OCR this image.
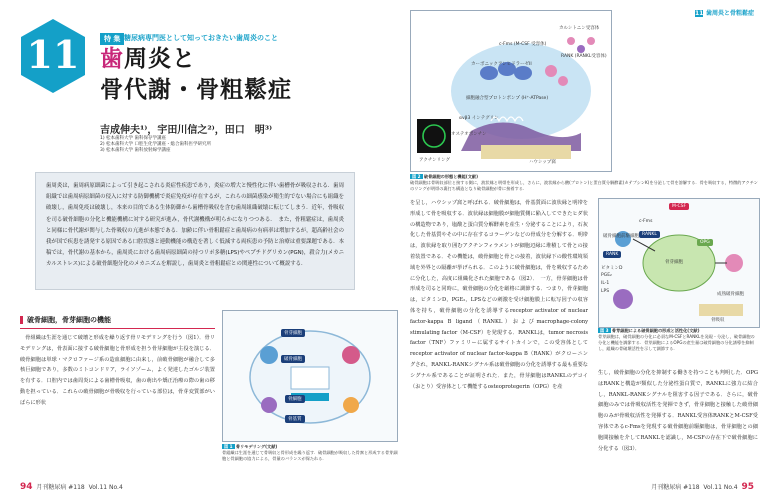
11 歯周炎と骨粗鬆症
11	特 集 糖尿病専門医として知っておきたい歯周炎のこと
歯周炎と
骨代謝・骨粗鬆症
吉成伸夫¹⁾，宇田川信之²⁾，田口　明³⁾
1) 松本歯科大学 歯科保存学講座
2) 松本歯科大学 口腔生化学講座・総合歯科医学研究所
3) 松本歯科大学 歯科放射線学講座
c-Fms (M-CSF 受容体)
カーボニックアンヒドラーゼII
細胞融合型プロトンポンプ (H⁺-ATPase)
αvβ3 インテグリン
オステオポンチン
アクチンリング
カルシトニン受容体
RANK (RANKL受容体)
ハウシップ窩
図 2 破骨細胞の形態と機能(文献)
破骨細胞は骨吸収部位と接する側に，波状縁と明帯を形成し，さらに，波状縁から酸(プロトン)と蛋白質分解酵素(カテプシンK)を分泌して骨を溶解する．骨を吸収する，特徴的アクチンのリングが明帯の裏打ち構造となり破骨細胞が骨に接着する．
歯周炎は，歯周病原細菌によって引き起こされる炎症性疾患であり，炎症の増大と慢性化に伴い歯槽骨が吸収される．歯周組織では歯周病原細菌の侵入に対する防御機構で炎症免疫が存在するが，これらの細菌感染が衛生的でない場合にも組織を破壊し，歯周免疫は破壊し，本来の目的である生体防御から歯槽骨吸収を含む歯周組織破壊に転じてしまう．近年，骨吸収を司る破骨細胞の分化と機能機構に対する研究が進み，骨代謝機構が明らかになりつつある．　また，骨粗鬆症は，歯周炎と同様に骨代謝が関与した骨吸収の亢進が本態である．加齢に伴い骨粗鬆症と歯周病の有病率は増加するが，超高齢社会の我が国で疾患を誘発する原因である口腔状態と連動機能の構造を著しく低減する両疾患の予防と治療は重要課題である．本稿では，骨代謝の基本から，歯周炎における歯周病原細菌の持つリポ多糖(LPS)やペプチドグリカン(PGN)，殺合力(メカニカルストレス)による破骨細胞分化のメカニズムを解説し，歯周炎と骨粗鬆症との関連性について概説する．
破骨細胞，骨芽細胞の機能
　骨組織は生涯を通じて破壊と形成を繰り返す骨リモデリングを行う（図1）．骨リモデリングは，骨表面に接する破骨細胞と骨形成を担う骨芽細胞が主役を演じる．破骨細胞は単球・マクロファージ系の造血細胞に由来し，前破骨細胞が融合して多核巨細胞であり，多数のミトコンドリア，ライソゾーム，よく発達したゴルジ装置を有する．口腔内では歯周炎による歯槽骨吸収，歯の萌出や矯正治療の際の歯の移動を担っている．これらの破骨細胞が骨吸収を行っている部位は，骨芽変質部がいばらに形状
骨芽細胞
破骨細胞
骨細胞
骨基質
図 1 骨リモデリング(文献)
骨組織は生涯を通じて骨吸収と骨形成を繰り返す．破骨細胞が吸収した骨窩と形成する骨芽細胞と骨細胞の協力による，骨量のバランスが保たれる．
を呈し，ハウシップ窩と呼ばれる．破骨細胞は，骨基質面に波状縁と明帯を形成して骨を吸収する．波状縁は細胞膜が細胞質側に陥入してできたヒダ状の構造物であり，塩酸と蛋白質分解酵素を産生・分泌することにより，石灰化した骨基質やその中に存在するコラーゲンなどの骨成分を分解する．明帯は，波状縁を取り囲むアクチンフィラメントが細胞辺縁に堆積して骨との接着装置である．その機能は，破骨細胞と骨との接着，波状縁下の酸性環境領域を外界との隔離が挙げられる．このように破骨細胞は，骨を吸収するために分化した，高度に組織化された細胞である（図2）．　一方，骨芽細胞は骨形成を司ると同時に，破骨細胞の分化を厳格に調節する．つまり，骨芽細胞は，ビタミンD，PGE₂，LPSなどの刺激を受け細胞膜上に転写因子の収容体を持ち，破骨細胞の分化を誘導するreceptor activator of nuclear factor-kappa B ligand（RANKL）およびmacrophage-colony stimulating factor（M-CSF）を発現する．RANKLは，tumor necrosis factor（TNF）ファミリーに属するサイトカインで，この受容体としてreceptor activator of nuclear factor-kappa B（RANK）がクローニングされ，RANKL-RANKシグナル系は破骨細胞の分化を誘導する最も重要なシグナル系であることが証明された．また，骨芽細胞はRANKLのデコイ（おとり）受容体として機能するosteoprotegerin（OPG）を産
M-CSF
c-Fms
RANKL
RANK
OPG
骨芽細胞
ビタミンD
PGE₂
IL-1
LPS
破骨細胞前駆細胞
成熟破骨細胞
骨吸収
図 3 骨芽細胞による破骨細胞の形成と活性化(文献)
骨芽細胞は，破骨細胞の分化に必須なM-CSFとRANKLを発現・分泌し，破骨細胞の分化と機能を調節する．骨芽細胞によるOPGの産生量は破骨細胞の分化誘導を抑制し，組織の骨破壊活性を示して調節する．
生し，破骨細胞の分化を抑制する働きを持つことも判明した．OPGはRANKと構造が類似した分泌性蛋白質で，RANKLに強力に結合し，RANKL-RANKシグナルを阻害する因子である．さらに，破骨細胞のみでは骨吸収活性を発揮できず，骨芽細胞と接触した破骨細胞のみが骨吸収活性を発揮する．RANKL受容体RANKとM-CSF受容体であるc-Fmsを発現する破骨細胞前駆細胞は，骨芽細胞との細胞間接触を介してRANKLを認識し，M-CSFの存在下で破骨細胞に分化する（図3）．
94 月刊糖尿病 #118 Vol.11 No.4	月刊糖尿病 #118 Vol.11 No.4 95
